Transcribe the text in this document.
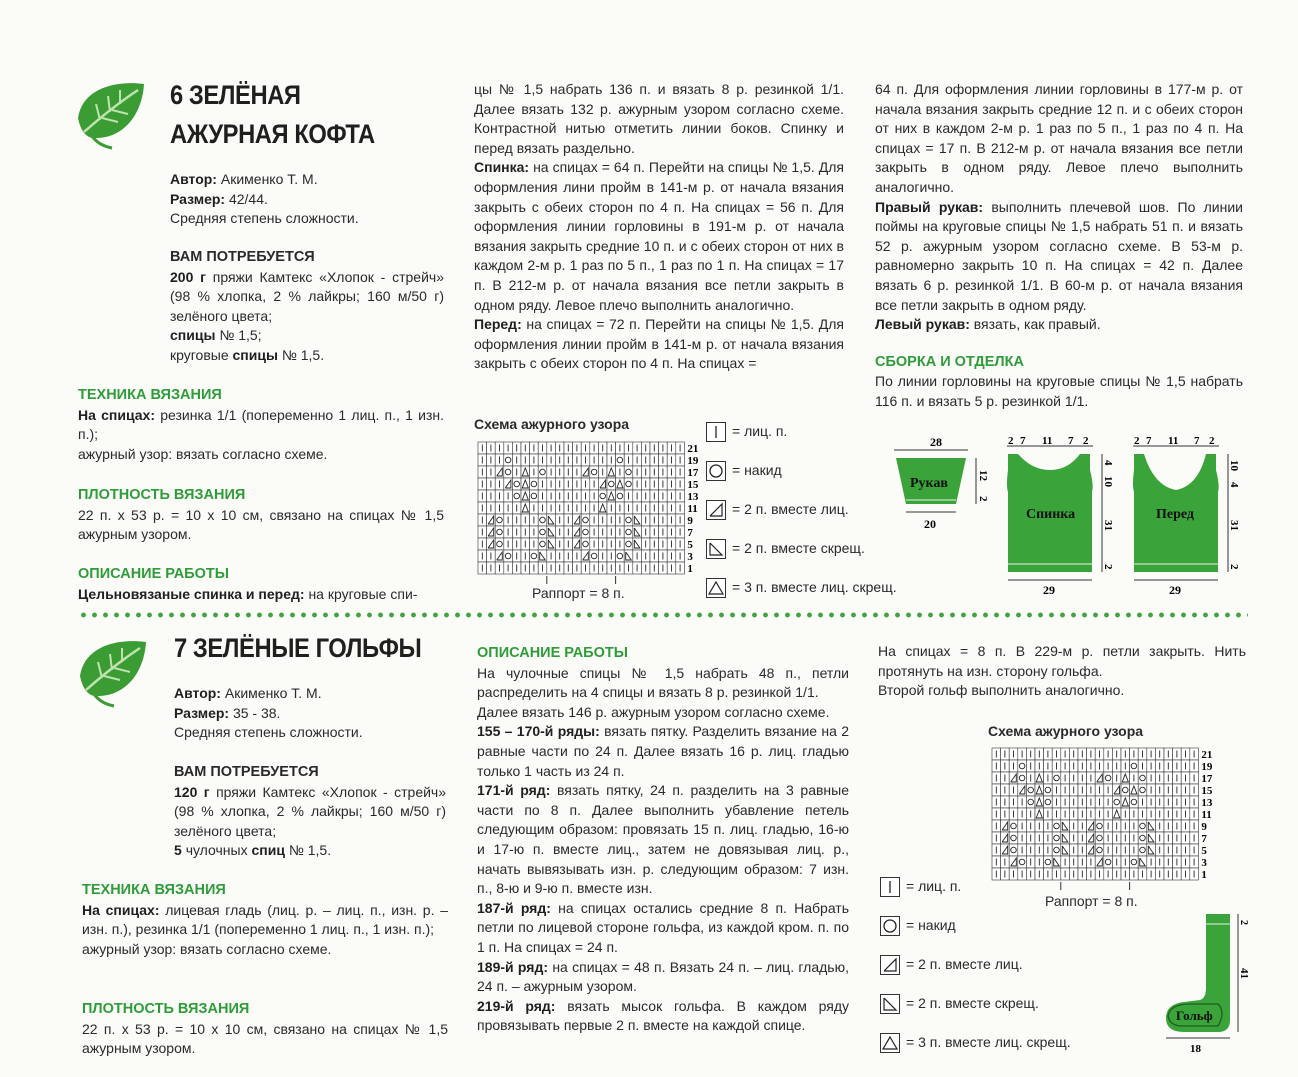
6 ЗЕЛЁНАЯ
АЖУРНАЯ КОФТА

Автор: Акименко Т. М.

Размер: 42/44.

Средняя степень сложности.

ВАМ ПОТРЕБУЕТСЯ

200 г пряжи Камтекс «Хлопок - стрейч» (98 % хлопка, 2 % лайкры; 160 м/50 г) зелёного цвета;

спицы № 1,5;

круговые спицы № 1,5.

ТЕХНИКА ВЯЗАНИЯ

На спицах: резинка 1/1 (попеременно 1 лиц. п., 1 изн. п.);

ажурный узор: вязать согласно схеме.

ПЛОТНОСТЬ ВЯЗАНИЯ

22 п. x 53 р. = 10 x 10 см, связано на спицах № 1,5 ажурным узором.

ОПИСАНИЕ РАБОТЫ

Цельновязаные спинка и перед: на круговые спи-

цы № 1,5 набрать 136 п. и вязать 8 р. резинкой 1/1. Далее вязать 132 р. ажурным узором согласно схеме. Контрастной нитью отметить линии боков. Спинку и перед вязать раздельно.

Спинка: на спицах = 64 п. Перейти на спицы № 1,5. Для оформления лини пройм в 141-м р. от начала вязания закрыть с обеих сторон по 4 п. На спицах = 56 п. Для оформления линии горловины в 191-м р. от начала вязания закрыть средние 10 п. и с обеих сторон от них в каждом 2-м р. 1 раз по 5 п., 1 раз по 1 п. На спицах = 17 п. В 212-м р. от начала вязания все петли закрыть в одном ряду. Левое плечо выполнить аналогично.

Перед: на спицах = 72 п. Перейти на спицы № 1,5. Для оформления линии пройм в 141-м р. от начала вязания закрыть с обеих сторон по 4 п. На спицах =

64 п. Для оформления линии горловины в 177-м р. от начала вязания закрыть средние 12 п. и с обеих сторон от них в каждом 2-м р. 1 раз по 5 п., 1 раз по 4 п. На спицах = 17 п. В 212-м р. от начала вязания все петли закрыть в одном ряду. Левое плечо выполнить аналогично.

Правый рукав: выполнить плечевой шов. По линии поймы на круговые спицы № 1,5 набрать 51 п. и вязать 52 р. ажурным узором согласно схеме. В 53-м р. равномерно закрыть 10 п. На спицах = 42 п. Далее вязать 6 р. резинкой 1/1. В 60-м р. от начала вязания все петли закрыть в одном ряду.

Левый рукав: вязать, как правый.

СБОРКА И ОТДЕЛКА

По линии горловины на круговые спицы № 1,5 набрать 116 п. и вязать 5 р. резинкой 1/1.

Схема ажурного узора
21
19
17
15
13
11
9
7
5
3
1
Раппорт = 8 п.
= лиц. п.
= накид
= 2 п. вместе лиц.
= 2 п. вместе скрещ.
= 3 п. вместе лиц. скрещ.
28
Рукав
20
12
2
2 7 11 7 2
Спинка
29
4
10
31
2
2 7 11 7 2
Перед
29
10
4
31
2
7 ЗЕЛЁНЫЕ ГОЛЬФЫ

Автор: Акименко Т. М.

Размер: 35 - 38.

Средняя степень сложности.

ВАМ ПОТРЕБУЕТСЯ

120 г пряжи Камтекс «Хлопок - стрейч» (98 % хлопка, 2 % лайкры; 160 м/50 г) зелёного цвета;

5 чулочных спиц № 1,5.

ТЕХНИКА ВЯЗАНИЯ

На спицах: лицевая гладь (лиц. р. – лиц. п., изн. р. – изн. п.), резинка 1/1 (попеременно 1 лиц. п., 1 изн. п.);

ажурный узор: вязать согласно схеме.

ПЛОТНОСТЬ ВЯЗАНИЯ

22 п. x 53 р. = 10 x 10 см, связано на спицах № 1,5 ажурным узором.

ОПИСАНИЕ РАБОТЫ

На чулочные спицы № 1,5 набрать 48 п., петли распределить на 4 спицы и вязать 8 р. резинкой 1/1.

Далее вязать 146 р. ажурным узором согласно схеме.

155 – 170-й ряды: вязать пятку. Разделить вязание на 2 равные части по 24 п. Далее вязать 16 р. лиц. гладью только 1 часть из 24 п.

171-й ряд: вязать пятку, 24 п. разделить на 3 равные части по 8 п. Далее выполнить убавление петель следующим образом: провязать 15 п. лиц. гладью, 16-ю и 17-ю п. вместе лиц., затем не довязывая лиц. р., начать вывязывать изн. р. следующим образом: 7 изн. п., 8-ю и 9-ю п. вместе изн.

187-й ряд: на спицах остались средние 8 п. Набрать петли по лицевой стороне гольфа, из каждой кром. п. по 1 п. На спицах = 24 п.

189-й ряд: на спицах = 48 п. Вязать 24 п. – лиц. гладью, 24 п. – ажурным узором.

219-й ряд: вязать мысок гольфа. В каждом ряду провязывать первые 2 п. вместе на каждой спице.

На спицах = 8 п. В 229-м р. петли закрыть. Нить протянуть на изн. сторону гольфа.

Второй гольф выполнить аналогично.

Схема ажурного узора
21
19
17
15
13
11
9
7
5
3
1
Раппорт = 8 п.
= лиц. п.
= накид
= 2 п. вместе лиц.
= 2 п. вместе скрещ.
= 3 п. вместе лиц. скрещ.
Гольф
2
41
18
